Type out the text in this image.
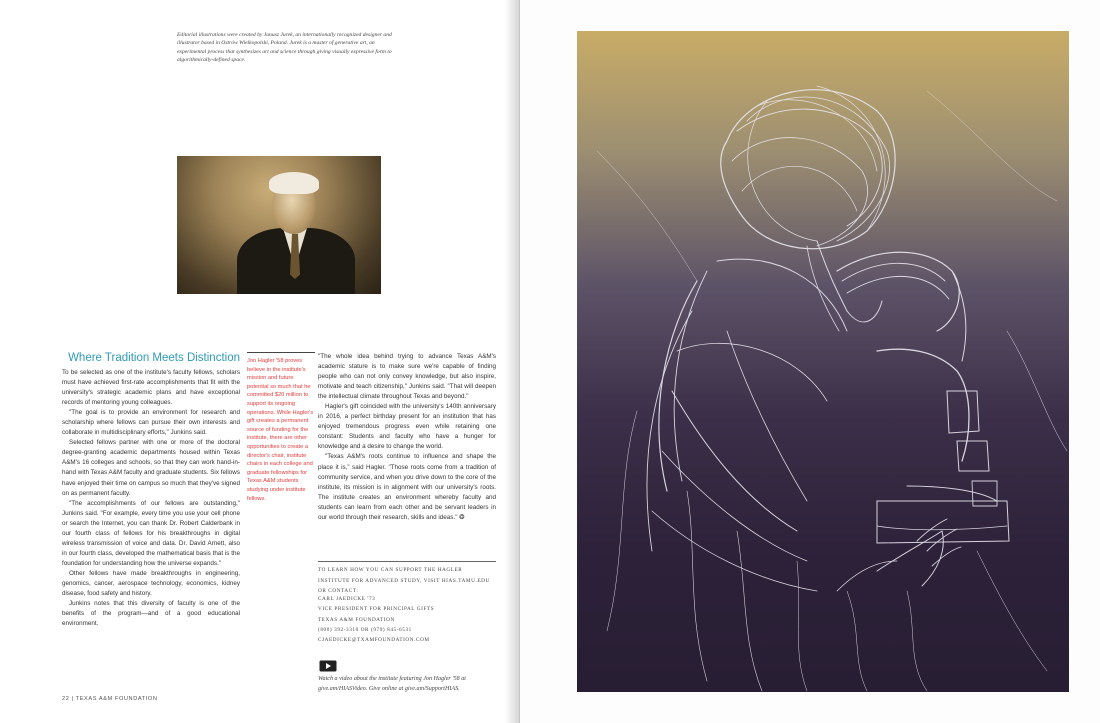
Editorial illustrations were created by Janusz Jurek, an internationally recognized designer and illustrator based in Ostrów Wielkopolski, Poland. Jurek is a master of generative art, an experimental process that synthesizes art and science through giving visually expressive form to algorithmically-defined space.

Where Tradition Meets Distinction

To be selected as one of the institute's faculty fellows, scholars must have achieved first-rate accomplishments that fit with the university's strategic academic plans and have exceptional records of mentoring young colleagues.

"The goal is to provide an environment for research and scholarship where fellows can pursue their own interests and collaborate in multidisciplinary efforts," Junkins said.

Selected fellows partner with one or more of the doctoral degree-granting academic departments housed within Texas A&M's 16 colleges and schools, so that they can work hand-in-hand with Texas A&M faculty and graduate students. Six fellows have enjoyed their time on campus so much that they've signed on as permanent faculty.

"The accomplishments of our fellows are outstanding," Junkins said. "For example, every time you use your cell phone or search the Internet, you can thank Dr. Robert Calderbank in our fourth class of fellows for his breakthroughs in digital wireless transmission of voice and data. Dr. David Arnett, also in our fourth class, developed the mathematical basis that is the foundation for understanding how the universe expands."

Other fellows have made breakthroughs in engineering, genomics, cancer, aerospace technology, economics, kidney disease, food safety and history.

Junkins notes that this diversity of faculty is one of the benefits of the program—and of a good educational environment.

Jon Hagler '58 proves believe in the institute's mission and future potential so much that he committed $20 million to support its ongoing operations. While Hagler's gift creates a permanent source of funding for the institute, there are other opportunities to create a director's chair, institute chairs in each college and graduate fellowships for Texas A&M students studying under institute fellows.

"The whole idea behind trying to advance Texas A&M's academic stature is to make sure we're capable of finding people who can not only convey knowledge, but also inspire, motivate and teach citizenship," Junkins said. "That will deepen the intellectual climate throughout Texas and beyond."

Hagler's gift coincided with the university's 140th anniversary in 2016, a perfect birthday present for an institution that has enjoyed tremendous progress even while retaining one constant: Students and faculty who have a hunger for knowledge and a desire to change the world.

"Texas A&M's roots continue to influence and shape the place it is," said Hagler. "Those roots come from a tradition of community service, and when you drive down to the core of the institute, its mission is in alignment with our university's roots. The institute creates an environment whereby faculty and students can learn from each other and be servant leaders in our world through their research, skills and ideas." ❂

TO LEARN HOW YOU CAN SUPPORT THE HAGLER INSTITUTE FOR ADVANCED STUDY, VISIT HIAS.TAMU.EDU OR CONTACT:

CARL JAEDICKE '73
VICE PRESIDENT FOR PRINCIPAL GIFTS
TEXAS A&M FOUNDATION
(800) 392-3310 OR (979) 845-6531
CJAEDICKE@TXAMFOUNDATION.COM

Watch a video about the institute featuring Jon Hagler '58 at give.am/HIASVideo. Give online at give.am/SupportHIAS.

22 | TEXAS A&M FOUNDATION
